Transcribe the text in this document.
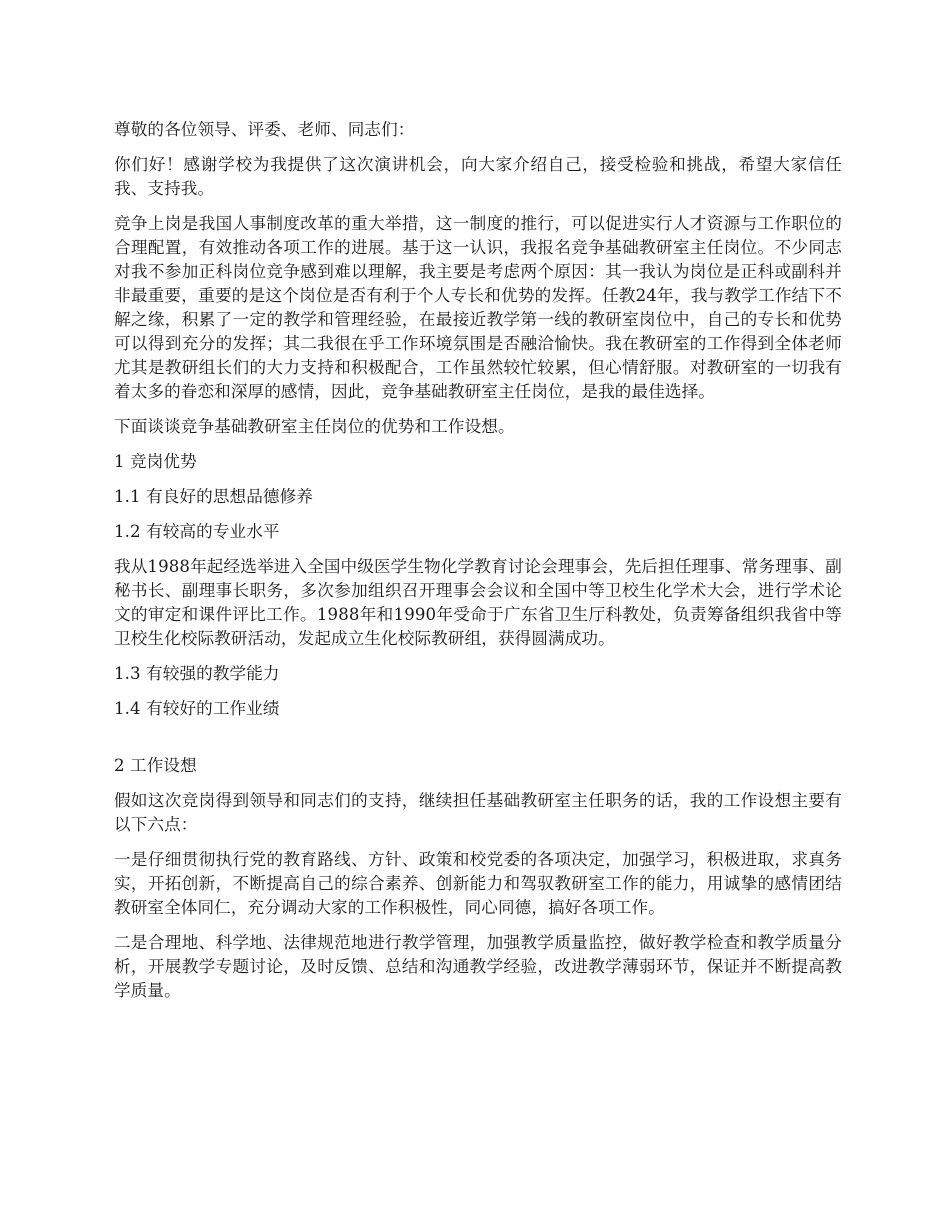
尊敬的各位领导、评委、老师、同志们：

你们好！感谢学校为我提供了这次演讲机会，向大家介绍自己，接受检验和挑战，希望大家信任我、支持我。

竞争上岗是我国人事制度改革的重大举措，这一制度的推行，可以促进实行人才资源与工作职位的合理配置，有效推动各项工作的进展。基于这一认识，我报名竞争基础教研室主任岗位。不少同志对我不参加正科岗位竞争感到难以理解，我主要是考虑两个原因：其一我认为岗位是正科或副科并非最重要，重要的是这个岗位是否有利于个人专长和优势的发挥。任教24年，我与教学工作结下不解之缘，积累了一定的教学和管理经验，在最接近教学第一线的教研室岗位中，自己的专长和优势可以得到充分的发挥；其二我很在乎工作环境氛围是否融洽愉快。我在教研室的工作得到全体老师尤其是教研组长们的大力支持和积极配合，工作虽然较忙较累，但心情舒服。对教研室的一切我有着太多的眷恋和深厚的感情，因此，竞争基础教研室主任岗位，是我的最佳选择。

下面谈谈竞争基础教研室主任岗位的优势和工作设想。

1 竞岗优势

1.1 有良好的思想品德修养

1.2 有较高的专业水平

我从1988年起经选举进入全国中级医学生物化学教育讨论会理事会，先后担任理事、常务理事、副秘书长、副理事长职务，多次参加组织召开理事会会议和全国中等卫校生化学术大会，进行学术论文的审定和课件评比工作。1988年和1990年受命于广东省卫生厅科教处，负责筹备组织我省中等卫校生化校际教研活动，发起成立生化校际教研组，获得圆满成功。

1.3 有较强的教学能力

1.4 有较好的工作业绩

2 工作设想

假如这次竞岗得到领导和同志们的支持，继续担任基础教研室主任职务的话，我的工作设想主要有以下六点：

一是仔细贯彻执行党的教育路线、方针、政策和校党委的各项决定，加强学习，积极进取，求真务实，开拓创新，不断提高自己的综合素养、创新能力和驾驭教研室工作的能力，用诚挚的感情团结教研室全体同仁，充分调动大家的工作积极性，同心同德，搞好各项工作。

二是合理地、科学地、法律规范地进行教学管理，加强教学质量监控，做好教学检查和教学质量分析，开展教学专题讨论，及时反馈、总结和沟通教学经验，改进教学薄弱环节，保证并不断提高教学质量。
